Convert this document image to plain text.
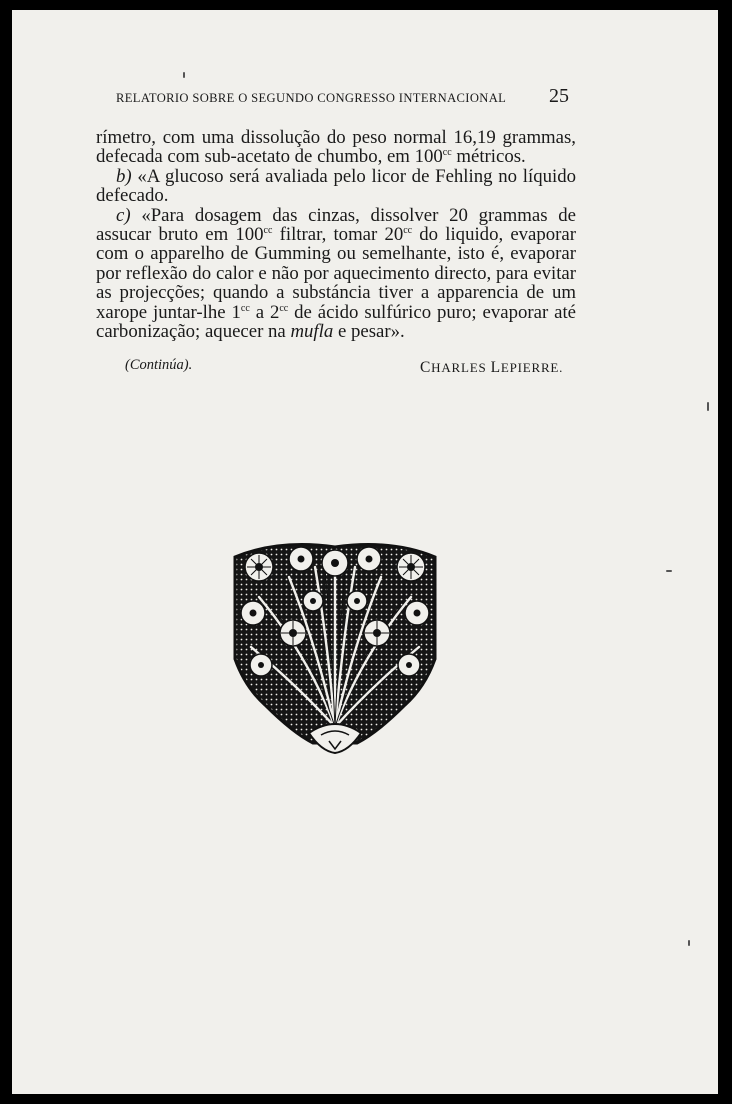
RELATORIO SOBRE O SEGUNDO CONGRESSO INTERNACIONAL 25

rímetro, com uma dissolução do peso normal 16,19 grammas, defecada com sub-acetato de chumbo, em $100^{cc}$ métricos.

b) «A glucoso será avaliada pelo licor de Fehling no líquido defecado.

c) «Para dosagem das cinzas, dissolver 20 grammas de assucar bruto em $100^{cc}$ filtrar, tomar $20^{cc}$ do liquido, evaporar com o apparelho de Gumming ou semelhante, isto é, evaporar por reflexão do calor e não por aquecimento directo, para evitar as projecções; quando a substáncia tiver a apparencia de um xarope juntar-lhe $1^{cc}$ a $2^{cc}$ de ácido sulfúrico puro; evaporar até carbonização; aquecer na mufla e pesar».

(Continúa).	CHARLES LEPIERRE.
